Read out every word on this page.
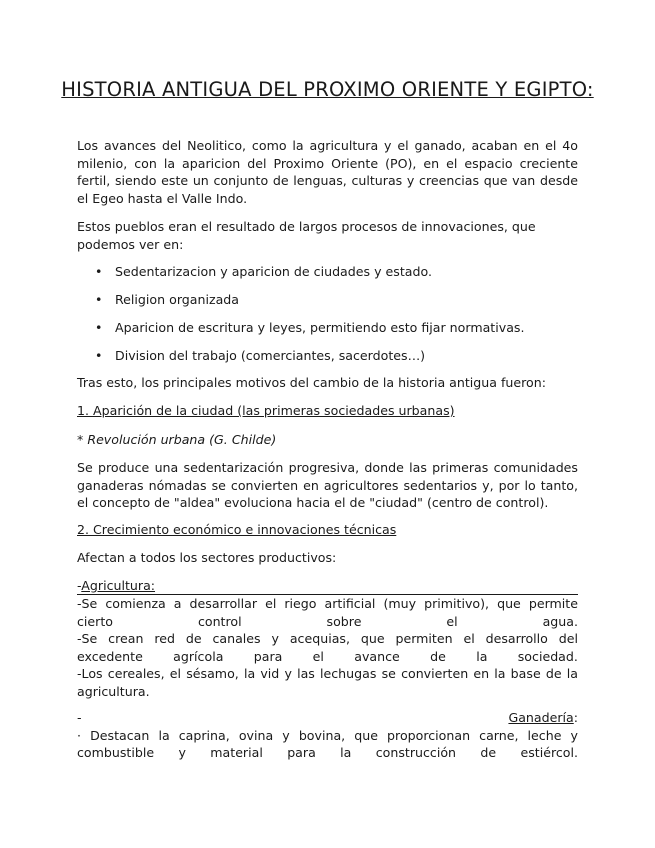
HISTORIA ANTIGUA DEL PROXIMO ORIENTE Y EGIPTO:
Los avances del Neolitico, como la agricultura y el ganado, acaban en el 4o milenio, con la aparicion del Proximo Oriente (PO), en el espacio creciente fertil, siendo este un conjunto de lenguas, culturas y creencias que van desde el Egeo hasta el Valle Indo.
Estos pueblos eran el resultado de largos procesos de innovaciones, que podemos ver en:
• Sedentarizacion y aparicion de ciudades y estado.
• Religion organizada
• Aparicion de escritura y leyes, permitiendo esto fijar normativas.
• Division del trabajo (comerciantes, sacerdotes…)
Tras esto, los principales motivos del cambio de la historia antigua fueron:
1. Aparición de la ciudad (las primeras sociedades urbanas)
* Revolución urbana (G. Childe)
Se produce una sedentarización progresiva, donde las primeras comunidades ganaderas nómadas se convierten en agricultores sedentarios y, por lo tanto, el concepto de "aldea" evoluciona hacia el de "ciudad" (centro de control).
2. Crecimiento económico e innovaciones técnicas
Afectan a todos los sectores productivos:
-Agricultura:
-Se comienza a desarrollar el riego artificial (muy primitivo), que permite
cierto	control	sobre	el	agua.
-Se crean red de canales y acequias, que permiten el desarrollo del
excedente agrícola para el avance de la sociedad.
-Los cereales, el sésamo, la vid y las lechugas se convierten en la base de la agricultura.
-	Ganadería:
· Destacan la caprina, ovina y bovina, que proporcionan carne, leche y
combustible y material para la construcción de estiércol.
